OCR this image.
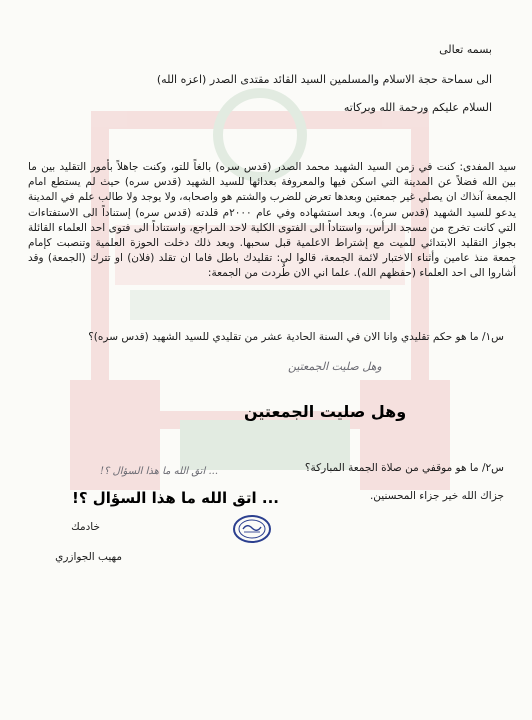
بسمه تعالى
الى سماحة حجة الاسلام والمسلمين السيد القائد مقتدى الصدر (اعزه الله)
السلام عليكم ورحمة الله وبركاته
سيد المفدى: كنت في زمن السيد الشهيد محمد الصدر (قدس سره) بالغاً للتو، وكنت جاهلاً بأمور التقليد بين ما بين الله فضلاً عن المدينة التي اسكن فيها والمعروفة بعدائها للسيد الشهيد (قدس سره) حيث لم يستطع امام الجمعة آنذاك ان يصلي غير جمعتين وبعدها تعرض للضرب والشتم هو واصحابه، ولا يوجد ولا طالب علم في المدينة يدعو للسيد الشهيد (قدس سره). وبعد استشهاده وفي عام ٢٠٠٠م قلدته (قدس سره) إستناداً الى الاستفتاءات التي كانت تخرج من مسجد الرأس، واستناداً الى الفتوى الكلية لاحد المراجع، واستناداً الى فتوى احد العلماء القائلة بجواز التقليد الابتدائي للميت مع إشتراط الاعلمية قبل سحبها. وبعد ذلك دخلت الحوزة العلمية وتنصبت كإمام جمعة منذ عامين وأثناء الاختبار لائمة الجمعة، قالوا لي: تقليدك باطل فاما ان تقلد (فلان) او تترك (الجمعة) وقد أشاروا الى احد العلماء (حفظهم الله). علما اني الان طُردت من الجمعة:
س١/ ما هو حكم تقليدي وانا الان في السنة الحادية عشر من تقليدي للسيد الشهيد (قدس سره)؟
وهل صليت الجمعتين
وهل صليت الجمعتين
س٢/ ما هو موقفي من صلاة الجمعة المباركة؟
... اتق الله ما هذا السؤال ؟!
... اتق الله ما هذا السؤال ؟!	جزاك الله خير جزاء المحسنين.
خادمك
مهيب الجوازري
